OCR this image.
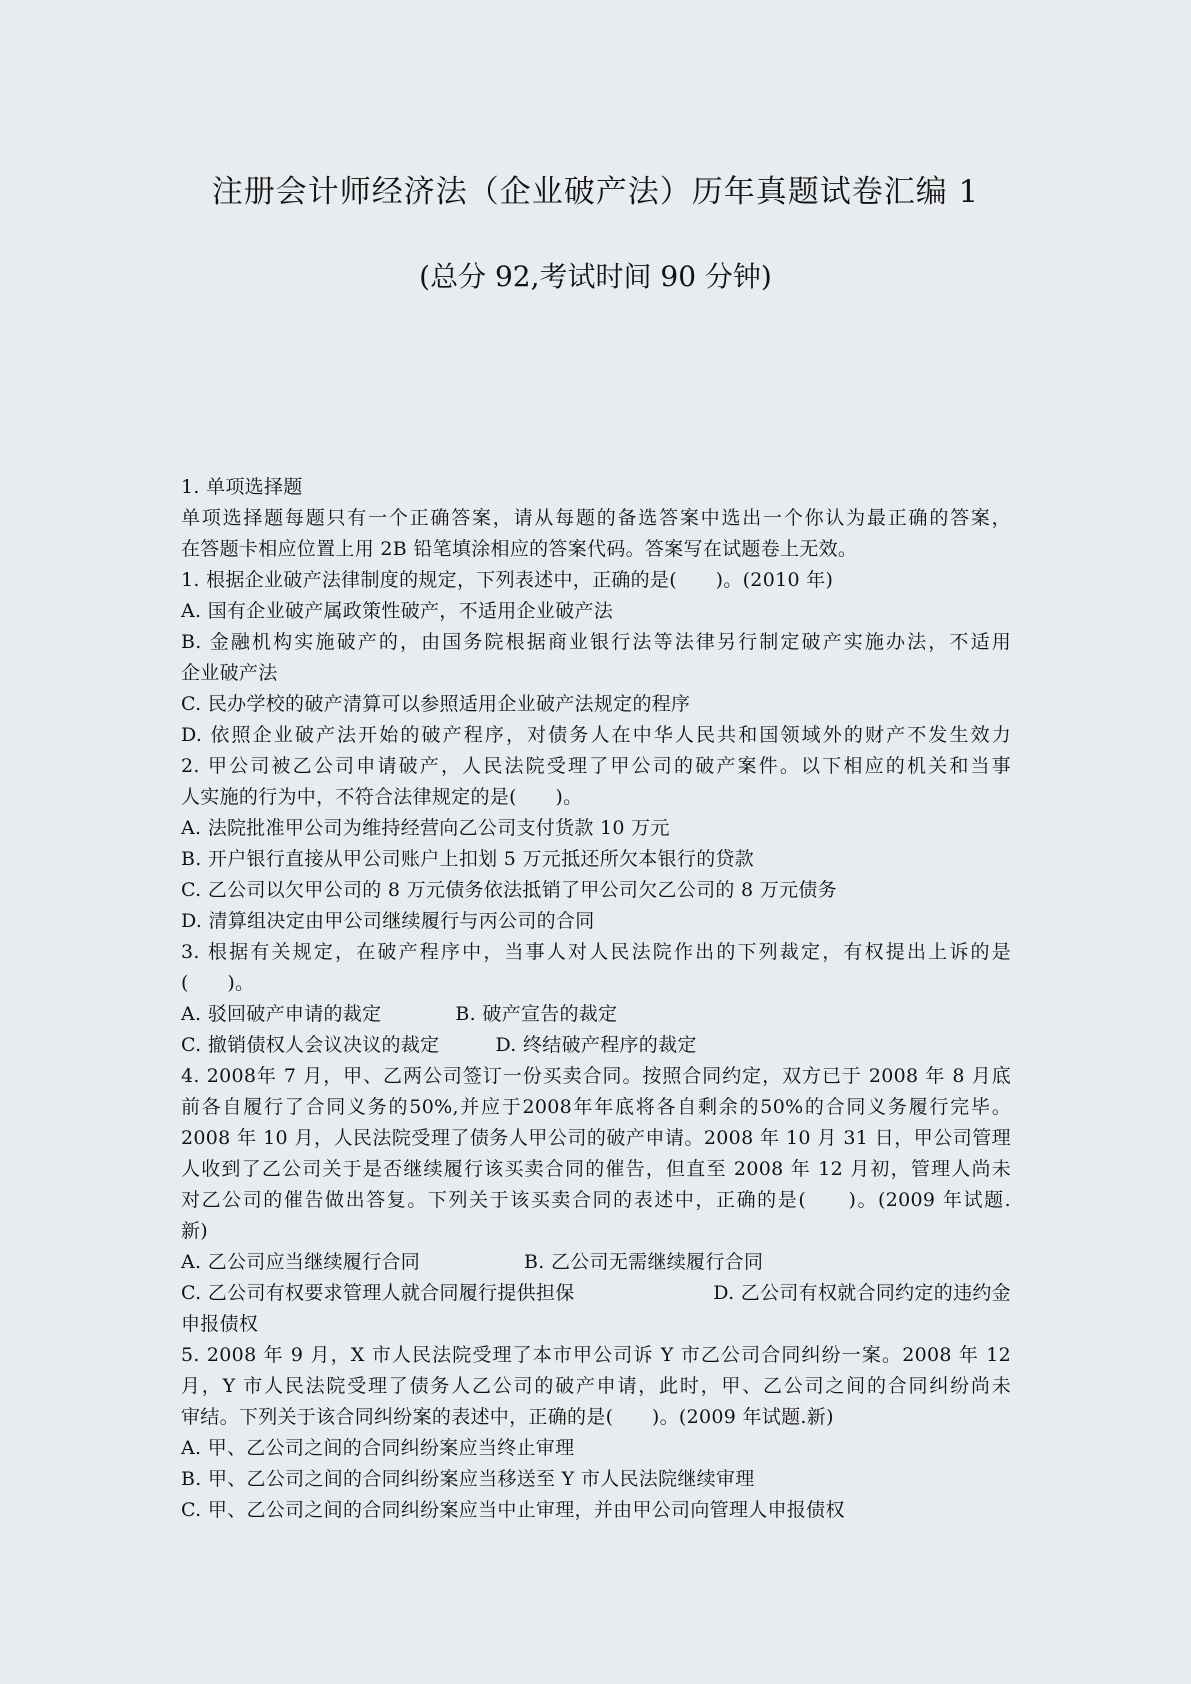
注册会计师经济法（企业破产法）历年真题试卷汇编 1
(总分 92,考试时间 90 分钟)
1. 单项选择题
单项选择题每题只有一个正确答案，请从每题的备选答案中选出一个你认为最正确的答案，
在答题卡相应位置上用 2B 铅笔填涂相应的答案代码。答案写在试题卷上无效。
1. 根据企业破产法律制度的规定，下列表述中，正确的是(　　)。(2010 年)
A. 国有企业破产属政策性破产，不适用企业破产法
B. 金融机构实施破产的，由国务院根据商业银行法等法律另行制定破产实施办法，不适用
企业破产法
C. 民办学校的破产清算可以参照适用企业破产法规定的程序
D. 依照企业破产法开始的破产程序，对债务人在中华人民共和国领域外的财产不发生效力
2. 甲公司被乙公司申请破产，人民法院受理了甲公司的破产案件。以下相应的机关和当事
人实施的行为中，不符合法律规定的是(　　)。
A. 法院批准甲公司为维持经营向乙公司支付货款 10 万元
B. 开户银行直接从甲公司账户上扣划 5 万元抵还所欠本银行的贷款
C. 乙公司以欠甲公司的 8 万元债务依法抵销了甲公司欠乙公司的 8 万元债务
D. 清算组决定由甲公司继续履行与丙公司的合同
3. 根据有关规定，在破产程序中，当事人对人民法院作出的下列裁定，有权提出上诉的是
(　　)。
A. 驳回破产申请的裁定	B. 破产宣告的裁定
C. 撤销债权人会议决议的裁定	D. 终结破产程序的裁定
4. 2008年 7 月，甲、乙两公司签订一份买卖合同。按照合同约定，双方已于 2008 年 8 月底
前各自履行了合同义务的50%,并应于2008年年底将各自剩余的50%的合同义务履行完毕。
2008 年 10 月，人民法院受理了债务人甲公司的破产申请。2008 年 10 月 31 日，甲公司管理
人收到了乙公司关于是否继续履行该买卖合同的催告，但直至 2008 年 12 月初，管理人尚未
对乙公司的催告做出答复。下列关于该买卖合同的表述中，正确的是(　　)。(2009 年试题.
新)
A. 乙公司应当继续履行合同	B. 乙公司无需继续履行合同
C. 乙公司有权要求管理人就合同履行提供担保	D. 乙公司有权就合同约定的违约金
申报债权
5. 2008 年 9 月，X 市人民法院受理了本市甲公司诉 Y 市乙公司合同纠纷一案。2008 年 12
月，Y 市人民法院受理了债务人乙公司的破产申请，此时，甲、乙公司之间的合同纠纷尚未
审结。下列关于该合同纠纷案的表述中，正确的是(　　)。(2009 年试题.新)
A. 甲、乙公司之间的合同纠纷案应当终止审理
B. 甲、乙公司之间的合同纠纷案应当移送至 Y 市人民法院继续审理
C. 甲、乙公司之间的合同纠纷案应当中止审理，并由甲公司向管理人申报债权
